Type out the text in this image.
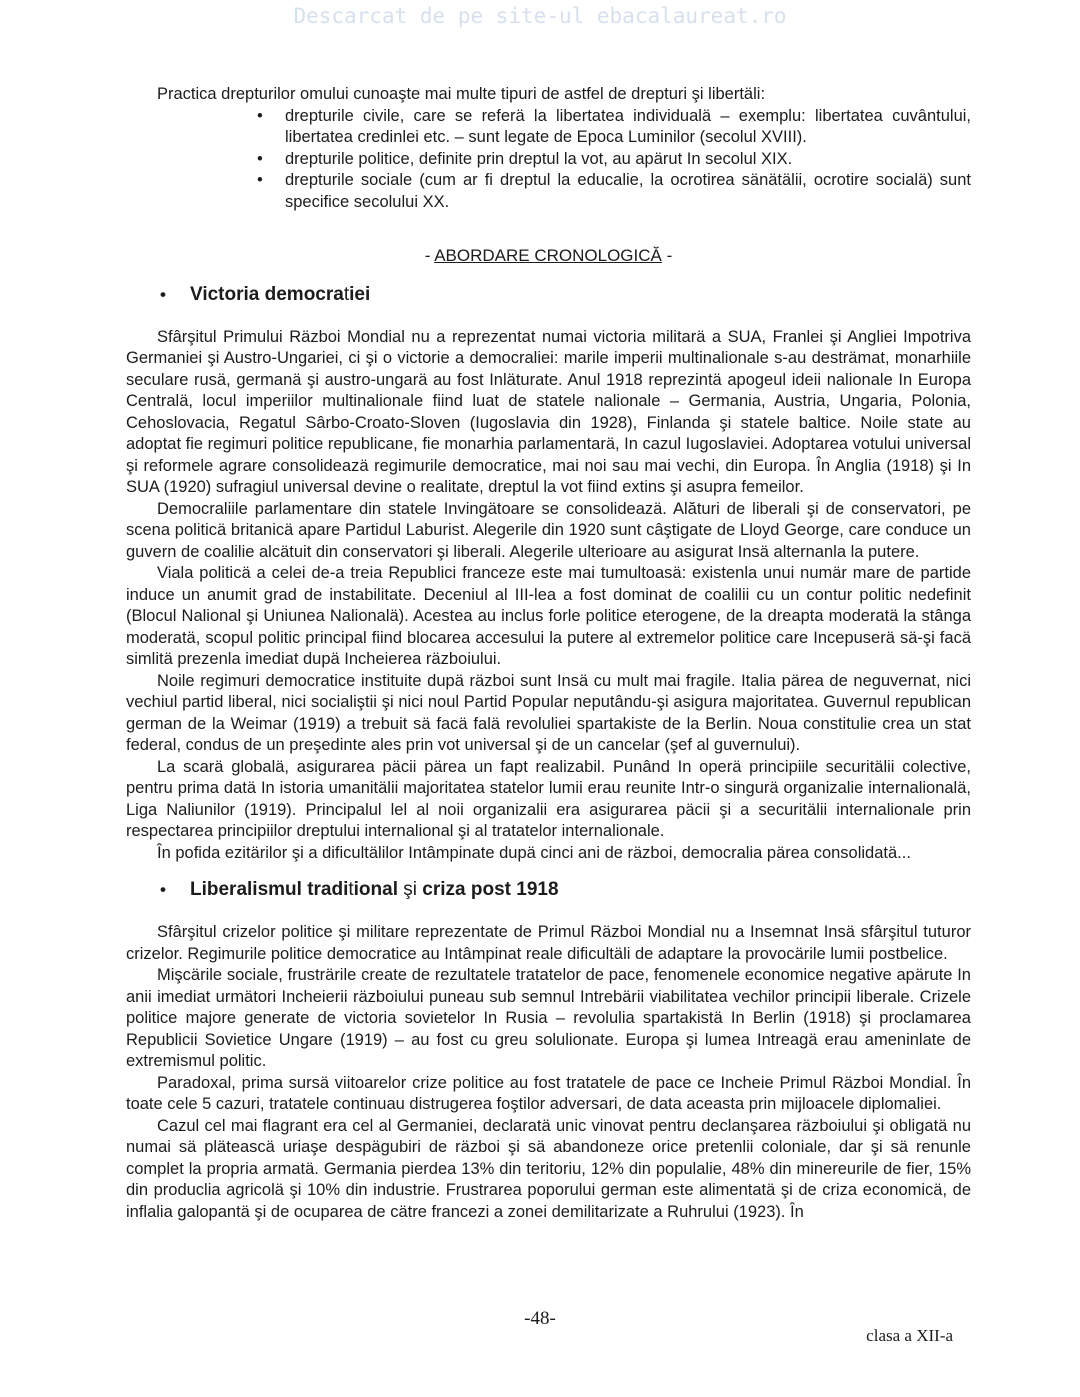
Descarcat de pe site-ul ebacalaureat.ro

Practica drepturilor omului cunoaşte mai multe tipuri de astfel de drepturi şi libertäli:

• drepturile civile, care se referä la libertatea individualä – exemplu: libertatea cuvântului, libertatea credinlei etc. – sunt legate de Epoca Luminilor (secolul XVIII).
• drepturile politice, definite prin dreptul la vot, au apärut In secolul XIX.
• drepturile sociale (cum ar fi dreptul la educalie, la ocrotirea sänätälii, ocrotire socialä) sunt specifice secolului XX.
- ABORDARE CRONOLOGICĂ -
• Victoria democratiei

Sfârşitul Primului Räzboi Mondial nu a reprezentat numai victoria militarä a SUA, Franlei şi Angliei Impotriva Germaniei şi Austro-Ungariei, ci şi o victorie a democraliei: marile imperii multinalionale s-au desträmat, monarhiile seculare rusä, germanä şi austro-ungarä au fost Inläturate. Anul 1918 reprezintä apogeul ideii nalionale In Europa Centralä, locul imperiilor multinalionale fiind luat de statele nalionale – Germania, Austria, Ungaria, Polonia, Cehoslovacia, Regatul Sârbo-Croato-Sloven (Iugoslavia din 1928), Finlanda şi statele baltice. Noile state au adoptat fie regimuri politice republicane, fie monarhia parlamentarä, In cazul Iugoslaviei. Adoptarea votului universal şi reformele agrare consolideazä regimurile democratice, mai noi sau mai vechi, din Europa. În Anglia (1918) şi In SUA (1920) sufragiul universal devine o realitate, dreptul la vot fiind extins şi asupra femeilor.

Democraliile parlamentare din statele Invingätoare se consolideazä. Alături de liberali şi de conservatori, pe scena politicä britanicä apare Partidul Laburist. Alegerile din 1920 sunt câştigate de Lloyd George, care conduce un guvern de coalilie alcätuit din conservatori şi liberali. Alegerile ulterioare au asigurat Insä alternanla la putere.

Viala politicä a celei de-a treia Republici franceze este mai tumultoasä: existenla unui numär mare de partide induce un anumit grad de instabilitate. Deceniul al III-lea a fost dominat de coalilii cu un contur politic nedefinit (Blocul Nalional şi Uniunea Nalionalä). Acestea au inclus forle politice eterogene, de la dreapta moderatä la stânga moderatä, scopul politic principal fiind blocarea accesului la putere al extremelor politice care Incepuserä sä-şi facä simlitä prezenla imediat dupä Incheierea räzboiului.

Noile regimuri democratice instituite dupä räzboi sunt Insä cu mult mai fragile. Italia pärea de neguvernat, nici vechiul partid liberal, nici socialiştii şi nici noul Partid Popular neputându-şi asigura majoritatea. Guvernul republican german de la Weimar (1919) a trebuit sä facä falä revoluliei spartakiste de la Berlin. Noua constitulie crea un stat federal, condus de un preşedinte ales prin vot universal şi de un cancelar (şef al guvernului).

La scarä globalä, asigurarea päcii pärea un fapt realizabil. Punând In operä principiile securitälii colective, pentru prima datä In istoria umanitälii majoritatea statelor lumii erau reunite Intr-o singurä organizalie internalionalä, Liga Naliunilor (1919). Principalul lel al noii organizalii era asigurarea päcii şi a securitälii internalionale prin respectarea principiilor dreptului internalional şi al tratatelor internalionale.

În pofida ezitärilor şi a dificultälilor Intâmpinate dupä cinci ani de räzboi, democralia pärea consolidatä...

• Liberalismul traditional şi criza post 1918

Sfârşitul crizelor politice şi militare reprezentate de Primul Räzboi Mondial nu a Insemnat Insä sfârşitul tuturor crizelor. Regimurile politice democratice au Intâmpinat reale dificultäli de adaptare la provocärile lumii postbelice.

Mişcärile sociale, frusträrile create de rezultatele tratatelor de pace, fenomenele economice negative apärute In anii imediat urmätori Incheierii räzboiului puneau sub semnul Intrebärii viabilitatea vechilor principii liberale. Crizele politice majore generate de victoria sovietelor In Rusia – revolulia spartakistä In Berlin (1918) şi proclamarea Republicii Sovietice Ungare (1919) – au fost cu greu solulionate. Europa şi lumea Intreagä erau ameninlate de extremismul politic.

Paradoxal, prima sursä viitoarelor crize politice au fost tratatele de pace ce Incheie Primul Räzboi Mondial. În toate cele 5 cazuri, tratatele continuau distrugerea foştilor adversari, de data aceasta prin mijloacele diplomaliei.

Cazul cel mai flagrant era cel al Germaniei, declaratä unic vinovat pentru declanşarea räzboiului şi obligatä nu numai sä pläteascä uriaşe despägubiri de räzboi şi sä abandoneze orice pretenlii coloniale, dar şi sä renunle complet la propria armatä. Germania pierdea 13% din teritoriu, 12% din populalie, 48% din minereurile de fier, 15% din produclia agricolä şi 10% din industrie. Frustrarea poporului german este alimentatä şi de criza economicä, de inflalia galopantä şi de ocuparea de cätre francezi a zonei demilitarizate a Ruhrului (1923). În

-48-
clasa a XII-a
